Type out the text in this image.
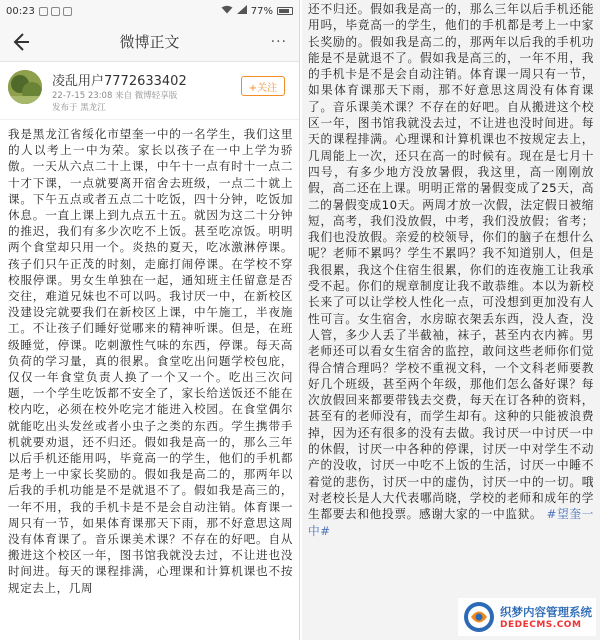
00:23	77%
微博正文	···
凌乱用户7772633402
22-7-15 23:08 来自 微博轻享版
发布于 黑龙江
+关注
我是黑龙江省绥化市望奎一中的一名学生，我们这里的人以考上一中为荣。家长以孩子在一中上学为骄傲。一天从六点二十上课，中午十一点有时十一点二十才下课，一点就要离开宿舍去班级，一点二十就上课。下午五点或者五点二十吃饭，四十分钟，吃饭加休息。一直上课上到九点五十五。就因为这二十分钟的推迟，我们有多少次吃不上饭。甚至吃凉饭。明明两个食堂却只用一个。炎热的夏天，吃冰激淋停课。孩子们只午正茂的时刻，走廊打闹停课。在学校不穿校服停课。男女生单独在一起，通知班主任留意是否交往，难道兄妹也不可以吗。我讨厌一中，在新校区没建设完就要我们在新校区上课，中午施工，半夜施工。不让孩子们睡好觉哪来的精神听课。但是，在班级睡觉，停课。吃刺激性气味的东西，停课。每天高负荷的学习量，真的很累。食堂吃出问题学校包庇，仅仅一年食堂负责人换了一个又一个。吃出三次问题，一个学生吃饭都不安全了，家长给送饭还不能在校内吃，必须在校外吃完才能进入校园。在食堂偶尔就能吃出头发丝或者小虫子之类的东西。学生携带手机就要劝退，还不归还。假如我是高一的，那么三年以后手机还能用吗，毕竟高一的学生，他们的手机都是考上一中家长奖励的。假如我是高二的，那两年以后我的手机功能是不是就退不了。假如我是高三的，一年不用，我的手机卡是不是会自动注销。体育课一周只有一节，如果体育课那天下雨，那不好意思这周没有体育课了。音乐课美术课？不存在的好吧。自从搬进这个校区一年，图书馆我就没去过，不让进也没时间进。每天的课程排满，心理课和计算机课也不按规定去上，几周
还不归还。假如我是高一的，那么三年以后手机还能用吗，毕竟高一的学生，他们的手机都是考上一中家长奖励的。假如我是高二的，那两年以后我的手机功能是不是就退不了。假如我是高三的，一年不用，我的手机卡是不是会自动注销。体育课一周只有一节，如果体育课那天下雨，那不好意思这周没有体育课了。音乐课美术课？不存在的好吧。自从搬进这个校区一年，图书馆我就没去过，不让进也没时间进。每天的课程排满。心理课和计算机课也不按规定去上，几周能上一次，还只在高一的时候有。现在是七月十四号，有多少地方没放暑假，我这里，高一刚刚放假，高二还在上课。明明正常的暑假变成了25天，高二的暑假变成10天。两周才放一次假，法定假日被缩短，高考，我们没放假，中考，我们没放假；省考；我们也没放假。亲爱的校领导，你们的脑子在想什么呢？老师不累吗？学生不累吗？我不知道别人，但是我很累，我这个住宿生很累，你们的连夜施工让我承受不起。你们的规章制度让我不敢恭维。本以为新校长来了可以让学校人性化一点，可没想到更加没有人性可言。女生宿舍，水房晾衣架丢东西，没人查，没人管，多少人丢了半截袖，袜子，甚至内衣内裤。男老师还可以看女生宿舍的监控，敢问这些老师你们觉得合情合理吗？学校不重视文科，一个文科老师要教好几个班级，甚至两个年级，那他们怎么备好课？每次放假回来都要带钱去交费，每天在订各种的资料，甚至有的老师没有，而学生却有。这种的只能被浪费掉，因为还有很多的没有去做。我讨厌一中讨厌一中的休假，讨厌一中各种的停课，讨厌一中对学生不动产的没收，讨厌一中吃不上饭的生活，讨厌一中睡不着觉的悲伤，讨厌一中的虚伪，讨厌一中的一切。哦对老校长是人大代表哪尚晓，学校的老师和成年的学生都要去和他投票。感谢大家的一中监狱。 #望奎一中#
织梦内容管理系统
DEDECMS.COM
